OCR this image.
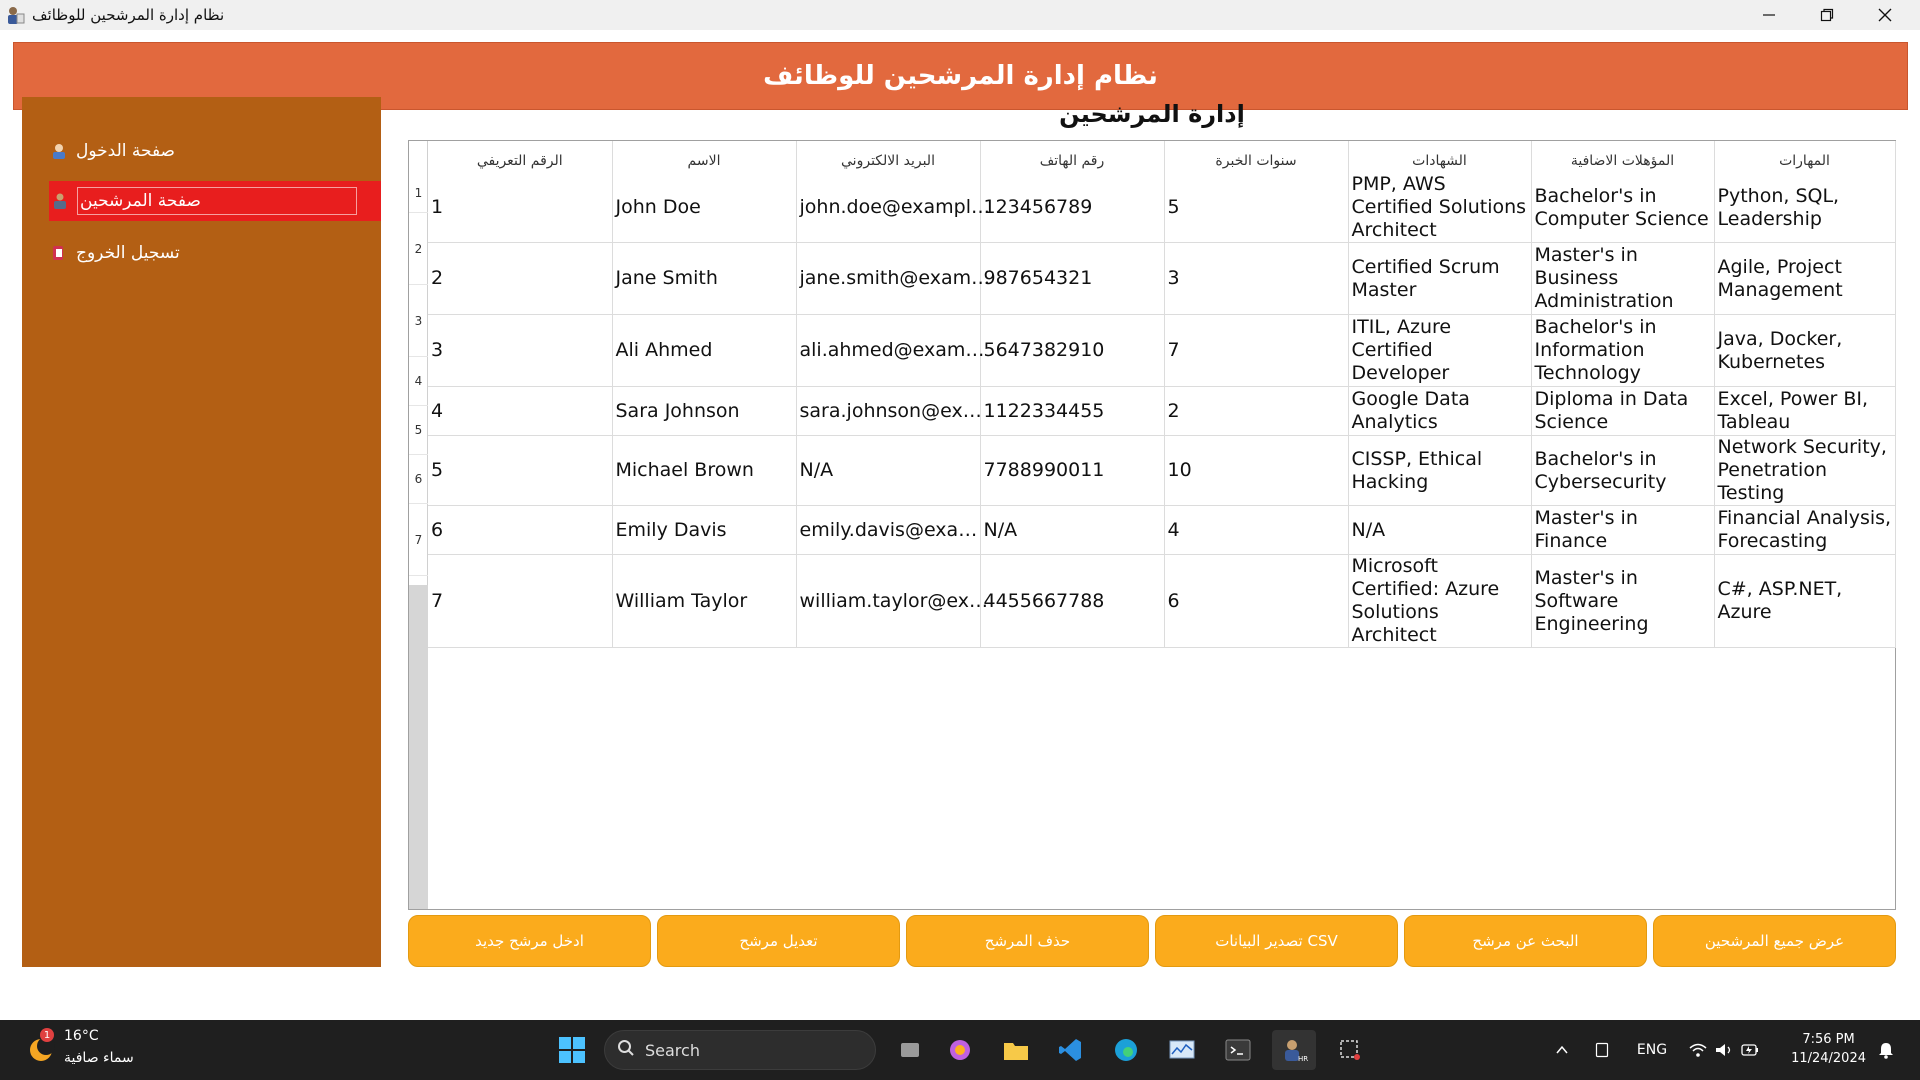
نظام إدارة المرشحين للوظائف
نظام إدارة المرشحين للوظائف
صفحة الدخول
صفحة المرشحين
تسجيل الخروج
إدارة المرشحين
1
2
3
4
5
6
7
الرقم التعريفي	الاسم	البريد الالكتروني	رقم الهاتف	سنوات الخبرة	الشهادات	المؤهلات الاضافية	المهارات
1	John Doe	john.doe@exampl…	123456789	5	PMP, AWS Certified Solutions Architect	Bachelor's in Computer Science	Python, SQL, Leadership
2	Jane Smith	jane.smith@exam…	987654321	3	Certified Scrum Master	Master's in Business Administration	Agile, Project Management
3	Ali Ahmed	ali.ahmed@exam…	5647382910	7	ITIL, Azure Certified Developer	Bachelor's in Information Technology	Java, Docker, Kubernetes
4	Sara Johnson	sara.johnson@ex…	1122334455	2	Google Data Analytics	Diploma in Data Science	Excel, Power BI, Tableau
5	Michael Brown	N/A	7788990011	10	CISSP, Ethical Hacking	Bachelor's in Cybersecurity	Network Security, Penetration Testing
6	Emily Davis	emily.davis@exa…	N/A	4	N/A	Master's in Finance	Financial Analysis, Forecasting
7	William Taylor	william.taylor@ex…	4455667788	6	Microsoft Certified: Azure Solutions Architect	Master's in Software Engineering	C#, ASP.NET, Azure
ادخل مرشح جديد	تعديل مرشح	حذف المرشح	تصدير البيانات CSV	البحث عن مرشح	عرض جميع المرشحين
1 16°C
سماء صافية	Search	HR
ENG
7:56 PM
11/24/2024
